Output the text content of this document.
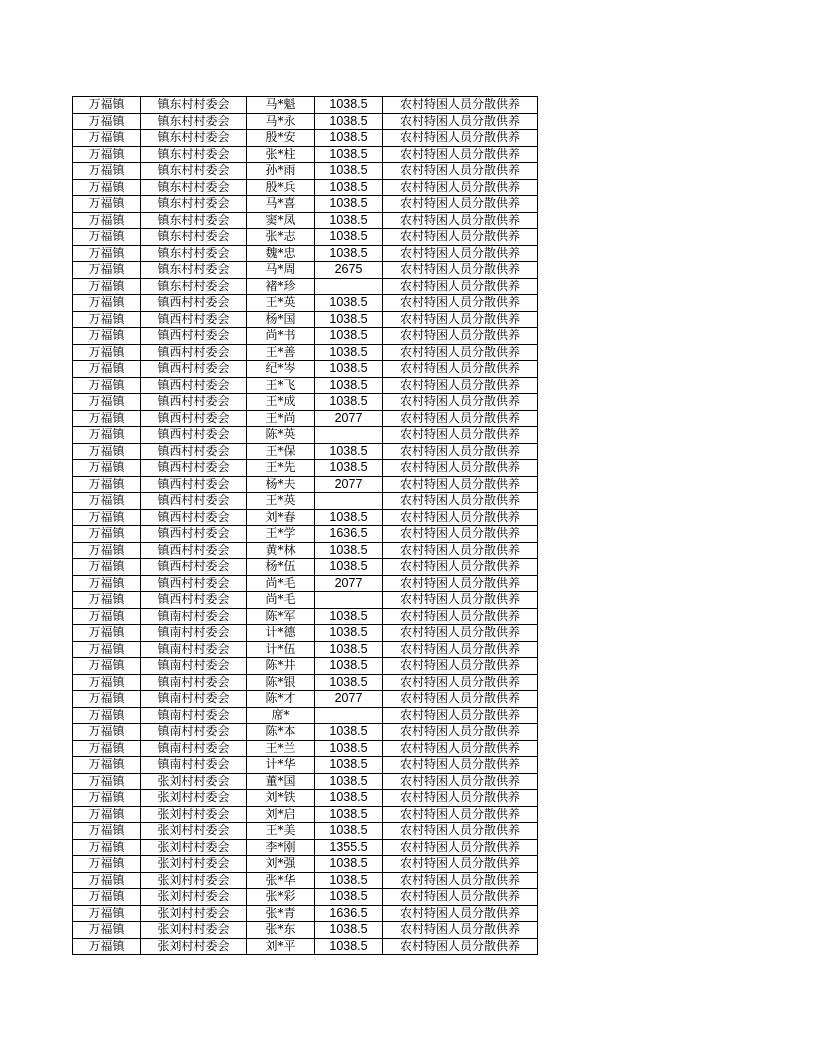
万福镇	镇东村村委会	马*魁	1038.5	农村特困人员分散供养
万福镇	镇东村村委会	马*永	1038.5	农村特困人员分散供养
万福镇	镇东村村委会	殷*安	1038.5	农村特困人员分散供养
万福镇	镇东村村委会	张*柱	1038.5	农村特困人员分散供养
万福镇	镇东村村委会	孙*雨	1038.5	农村特困人员分散供养
万福镇	镇东村村委会	殷*兵	1038.5	农村特困人员分散供养
万福镇	镇东村村委会	马*喜	1038.5	农村特困人员分散供养
万福镇	镇东村村委会	窦*凤	1038.5	农村特困人员分散供养
万福镇	镇东村村委会	张*志	1038.5	农村特困人员分散供养
万福镇	镇东村村委会	魏*忠	1038.5	农村特困人员分散供养
万福镇	镇东村村委会	马*周	2675	农村特困人员分散供养
万福镇	镇东村村委会	褚*珍		农村特困人员分散供养
万福镇	镇西村村委会	王*英	1038.5	农村特困人员分散供养
万福镇	镇西村村委会	杨*国	1038.5	农村特困人员分散供养
万福镇	镇西村村委会	尚*书	1038.5	农村特困人员分散供养
万福镇	镇西村村委会	王*善	1038.5	农村特困人员分散供养
万福镇	镇西村村委会	纪*岑	1038.5	农村特困人员分散供养
万福镇	镇西村村委会	王*飞	1038.5	农村特困人员分散供养
万福镇	镇西村村委会	王*成	1038.5	农村特困人员分散供养
万福镇	镇西村村委会	王*尚	2077	农村特困人员分散供养
万福镇	镇西村村委会	陈*英		农村特困人员分散供养
万福镇	镇西村村委会	王*保	1038.5	农村特困人员分散供养
万福镇	镇西村村委会	王*先	1038.5	农村特困人员分散供养
万福镇	镇西村村委会	杨*夫	2077	农村特困人员分散供养
万福镇	镇西村村委会	王*英		农村特困人员分散供养
万福镇	镇西村村委会	刘*春	1038.5	农村特困人员分散供养
万福镇	镇西村村委会	王*学	1636.5	农村特困人员分散供养
万福镇	镇西村村委会	黄*林	1038.5	农村特困人员分散供养
万福镇	镇西村村委会	杨*伍	1038.5	农村特困人员分散供养
万福镇	镇西村村委会	尚*毛	2077	农村特困人员分散供养
万福镇	镇西村村委会	尚*毛		农村特困人员分散供养
万福镇	镇南村村委会	陈*军	1038.5	农村特困人员分散供养
万福镇	镇南村村委会	计*德	1038.5	农村特困人员分散供养
万福镇	镇南村村委会	计*伍	1038.5	农村特困人员分散供养
万福镇	镇南村村委会	陈*井	1038.5	农村特困人员分散供养
万福镇	镇南村村委会	陈*银	1038.5	农村特困人员分散供养
万福镇	镇南村村委会	陈*才	2077	农村特困人员分散供养
万福镇	镇南村村委会	席*		农村特困人员分散供养
万福镇	镇南村村委会	陈*本	1038.5	农村特困人员分散供养
万福镇	镇南村村委会	王*兰	1038.5	农村特困人员分散供养
万福镇	镇南村村委会	计*华	1038.5	农村特困人员分散供养
万福镇	张刘村村委会	董*国	1038.5	农村特困人员分散供养
万福镇	张刘村村委会	刘*铁	1038.5	农村特困人员分散供养
万福镇	张刘村村委会	刘*启	1038.5	农村特困人员分散供养
万福镇	张刘村村委会	王*美	1038.5	农村特困人员分散供养
万福镇	张刘村村委会	李*刚	1355.5	农村特困人员分散供养
万福镇	张刘村村委会	刘*强	1038.5	农村特困人员分散供养
万福镇	张刘村村委会	张*华	1038.5	农村特困人员分散供养
万福镇	张刘村村委会	张*彩	1038.5	农村特困人员分散供养
万福镇	张刘村村委会	张*青	1636.5	农村特困人员分散供养
万福镇	张刘村村委会	张*东	1038.5	农村特困人员分散供养
万福镇	张刘村村委会	刘*平	1038.5	农村特困人员分散供养
